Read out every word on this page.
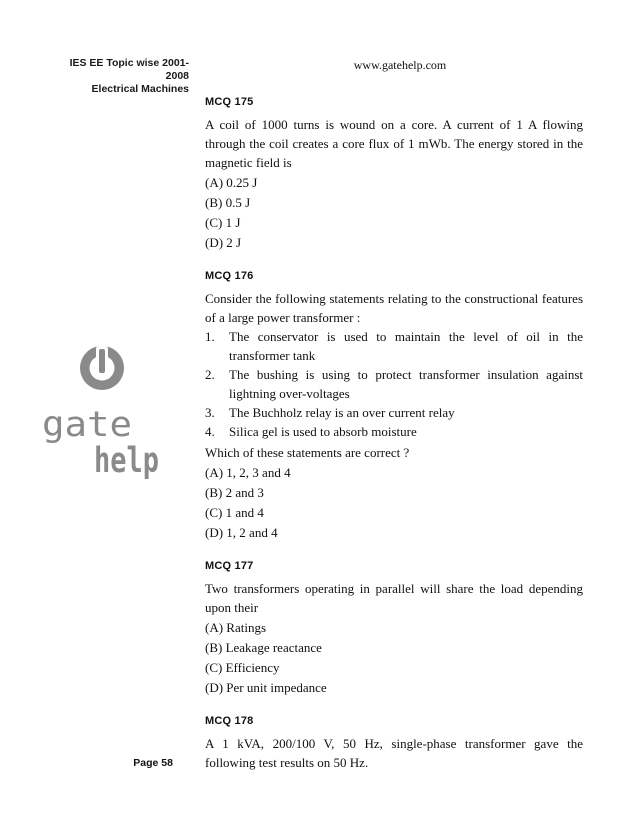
IES EE Topic wise 2001-2008
Electrical Machines
www.gatehelp.com
gate
help
MCQ 175
A coil of 1000 turns is wound on a core. A current of 1 A flowing through the coil creates a core flux of 1 mWb. The energy stored in the magnetic field is
(A) 0.25 J
(B) 0.5 J
(C) 1 J
(D) 2 J
MCQ 176
Consider the following statements relating to the constructional features of a large power transformer :
1.	The conservator is used to maintain the level of oil in the transformer tank
2.	The bushing is using to protect transformer insulation against lightning over-voltages
3.	The Buchholz relay is an over current relay
4.	Silica gel is used to absorb moisture
Which of these statements are correct ?
(A) 1, 2, 3 and 4
(B) 2 and 3
(C) 1 and 4
(D) 1, 2 and 4
MCQ 177
Two transformers operating in parallel will share the load depending upon their
(A) Ratings
(B) Leakage reactance
(C) Efficiency
(D) Per unit impedance
MCQ 178
A 1 kVA, 200/100 V, 50 Hz, single-phase transformer gave the following test results on 50 Hz.
Page 58
